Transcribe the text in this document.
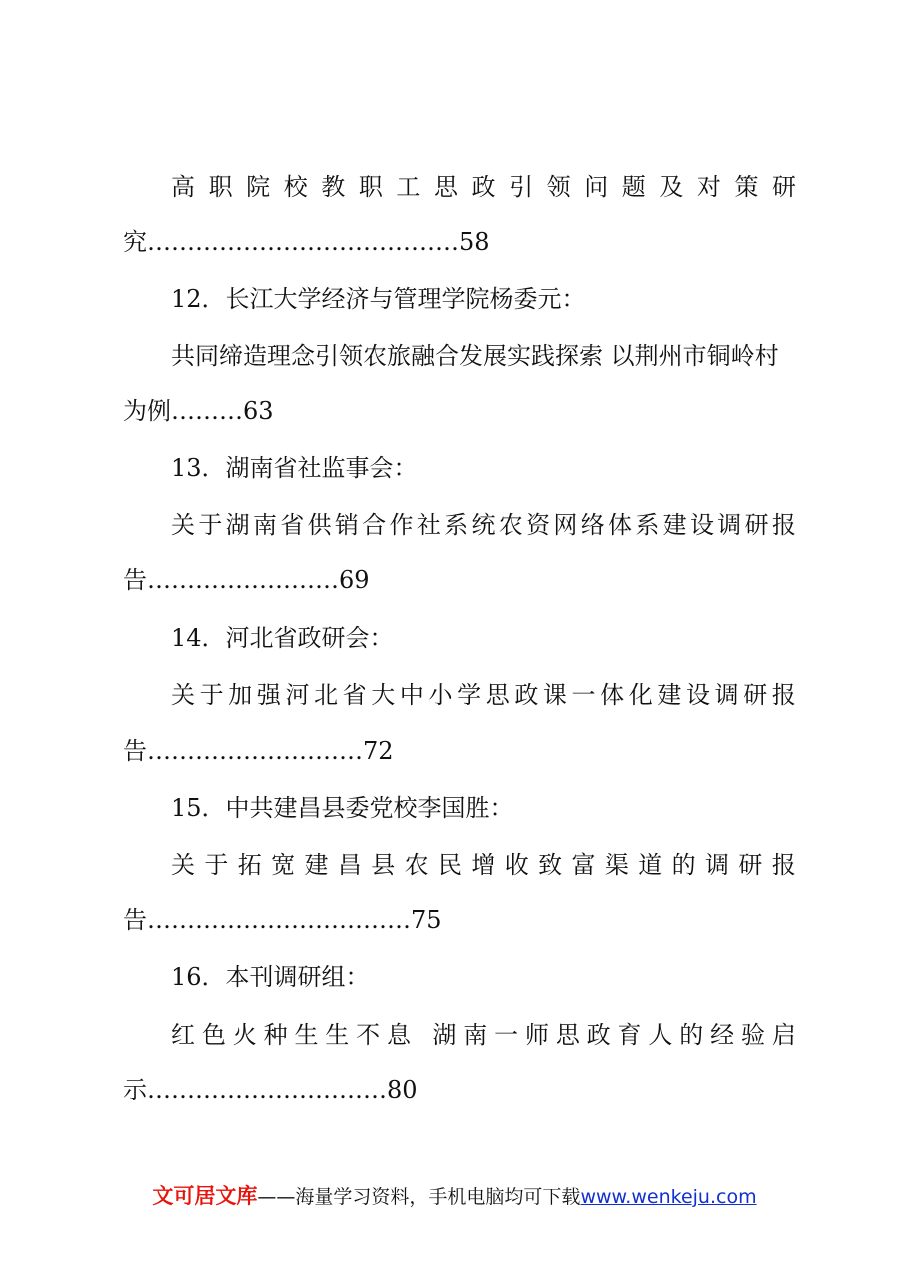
高 职 院 校 教 职 工 思 政 引 领 问 题 及 对 策 研
究…………………………………58
12．长江大学经济与管理学院杨委元：
共同缔造理念引领农旅融合发展实践探索 以荆州市铜岭村
为例………63
13．湖南省社监事会：
关 于 湖 南 省 供 销 合 作 社 系 统 农 资 网 络 体 系 建 设 调 研 报
告……………………69
14．河北省政研会：
关 于 加 强 河 北 省 大 中 小 学 思 政 课 一 体 化 建 设 调 研 报
告………………………72
15．中共建昌县委党校李国胜：
关 于 拓 宽 建 昌 县 农 民 增 收 致 富 渠 道 的 调 研 报
告……………………………75
16．本刊调研组：
红 色 火 种 生 生 不 息
湖 南 一 师 思 政 育 人 的 经 验 启
示…………………………80
文可居文库——海量学习资料，手机电脑均可下载www.wenkeju.com
